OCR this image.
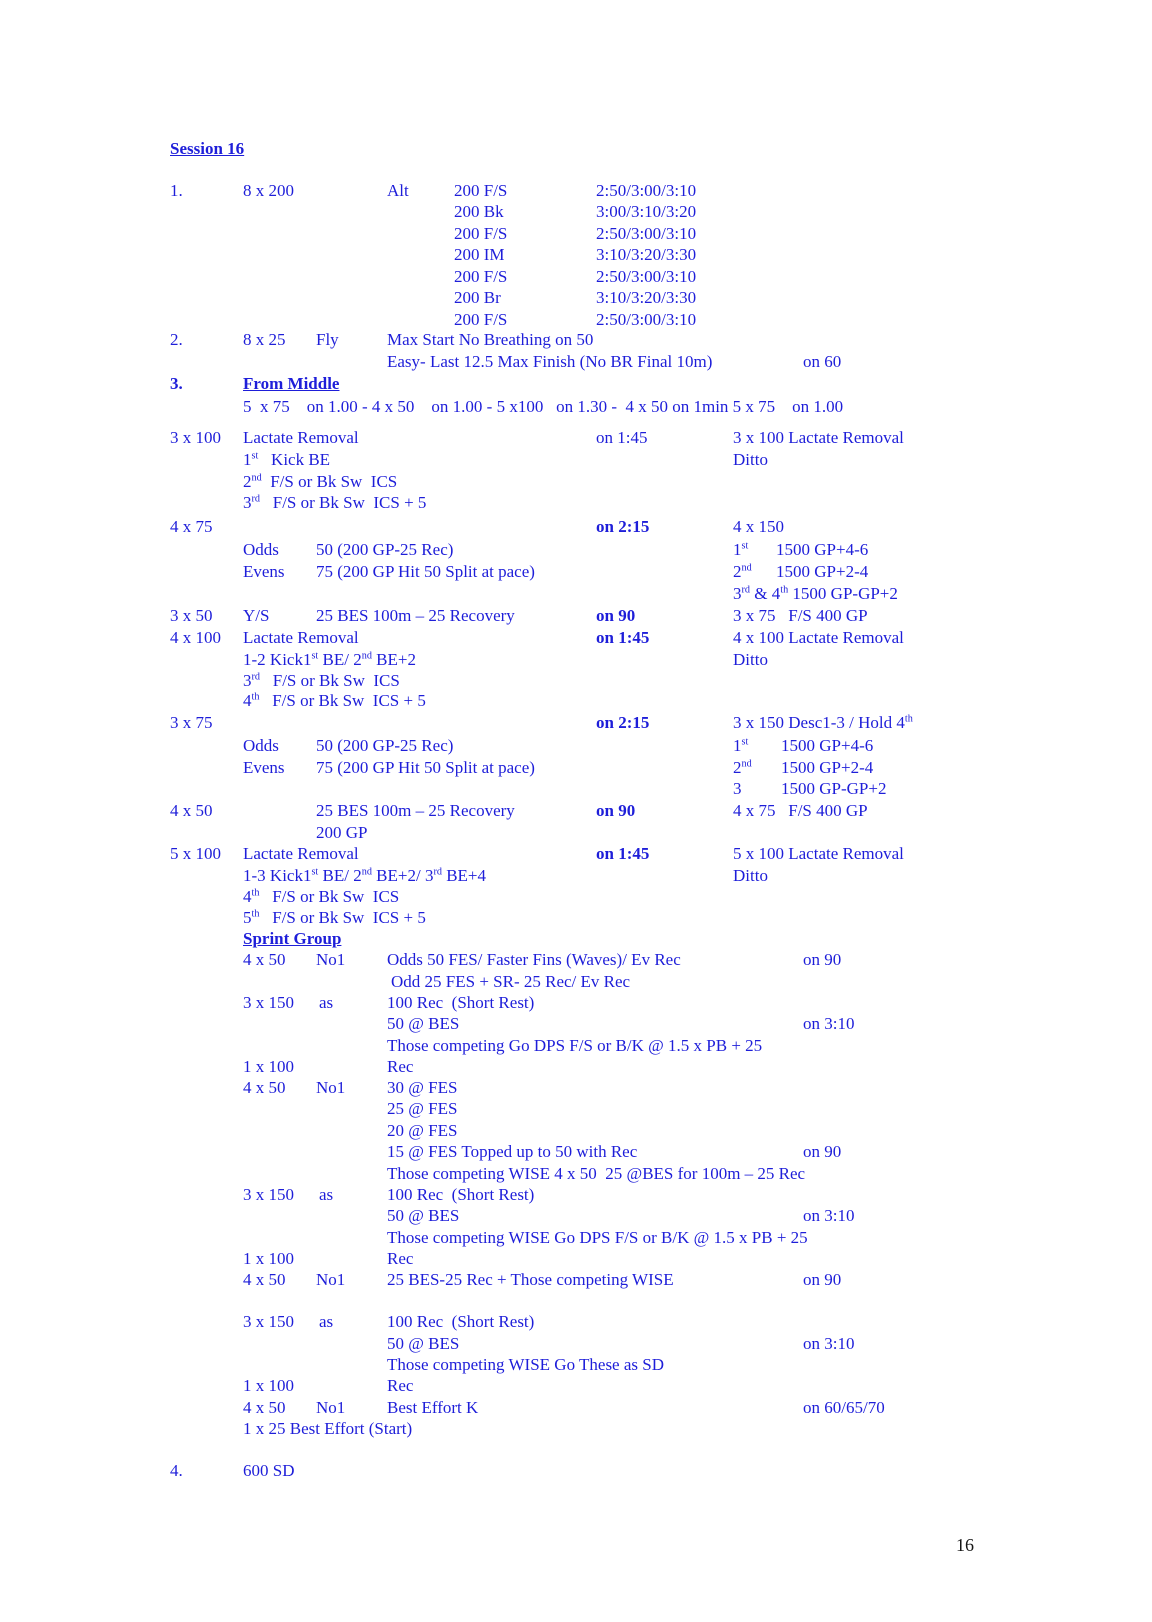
Session 16
1.	8 x 200	Alt	200 F/S	2:50/3:00/3:10
200 Bk	3:00/3:10/3:20
200 F/S	2:50/3:00/3:10
200 IM	3:10/3:20/3:30
200 F/S	2:50/3:00/3:10
200 Br	3:10/3:20/3:30
200 F/S	2:50/3:00/3:10
2.	8 x 25 Fly	Max Start No Breathing on 50
Easy- Last 12.5 Max Finish (No BR Final 10m)	on 60
3.	From Middle
5  x 75    on 1.00 - 4 x 50    on 1.00 - 5 x100   on 1.30 -  4 x 50 on 1min 5 x 75    on 1.00
3 x 100 Lactate Removal	on 1:45	3 x 100 Lactate Removal
1st   Kick BE	Ditto
2nd  F/S or Bk Sw  ICS
3rd   F/S or Bk Sw  ICS + 5
4 x 75	on 2:15	4 x 150
Odds 50 (200 GP-25 Rec)	1st 1500 GP+4-6
Evens 75 (200 GP Hit 50 Split at pace)	2nd 1500 GP+2-4
3rd & 4th 1500 GP-GP+2
3 x 50 Y/S	25 BES 100m – 25 Recovery	on 90	3 x 75   F/S 400 GP
4 x 100 Lactate Removal	on 1:45	4 x 100 Lactate Removal
1-2 Kick1st BE/ 2nd BE+2	Ditto
3rd   F/S or Bk Sw  ICS
4th   F/S or Bk Sw  ICS + 5
3 x 75	on 2:15	3 x 150 Desc1-3 / Hold 4th
Odds 50 (200 GP-25 Rec)	1st 1500 GP+4-6
Evens 75 (200 GP Hit 50 Split at pace)	2nd 1500 GP+2-4
3 1500 GP-GP+2
4 x 50	25 BES 100m – 25 Recovery	on 90	4 x 75   F/S 400 GP
200 GP
5 x 100 Lactate Removal	on 1:45	5 x 100 Lactate Removal
1-3 Kick1st BE/ 2nd BE+2/ 3rd BE+4	Ditto
4th   F/S or Bk Sw  ICS
5th   F/S or Bk Sw  ICS + 5
Sprint Group
4 x 50 No1 Odds 50 FES/ Faster Fins (Waves)/ Ev Rec	on 90
Odd 25 FES + SR- 25 Rec/ Ev Rec
3 x 150 as	100 Rec  (Short Rest)
50 @ BES	on 3:10
Those competing Go DPS F/S or B/K @ 1.5 x PB + 25
1 x 100	Rec
4 x 50 No1 30 @ FES
25 @ FES
20 @ FES
15 @ FES Topped up to 50 with Rec	on 90
Those competing WISE 4 x 50  25 @BES for 100m – 25 Rec
3 x 150 as	100 Rec  (Short Rest)
50 @ BES	on 3:10
Those competing WISE Go DPS F/S or B/K @ 1.5 x PB + 25
1 x 100	Rec
4 x 50 No1 25 BES-25 Rec + Those competing WISE	on 90
3 x 150 as	100 Rec  (Short Rest)
50 @ BES	on 3:10
Those competing WISE Go These as SD
1 x 100	Rec
4 x 50 No1 Best Effort K	on 60/65/70
1 x 25 Best Effort (Start)
4.	600 SD
16
